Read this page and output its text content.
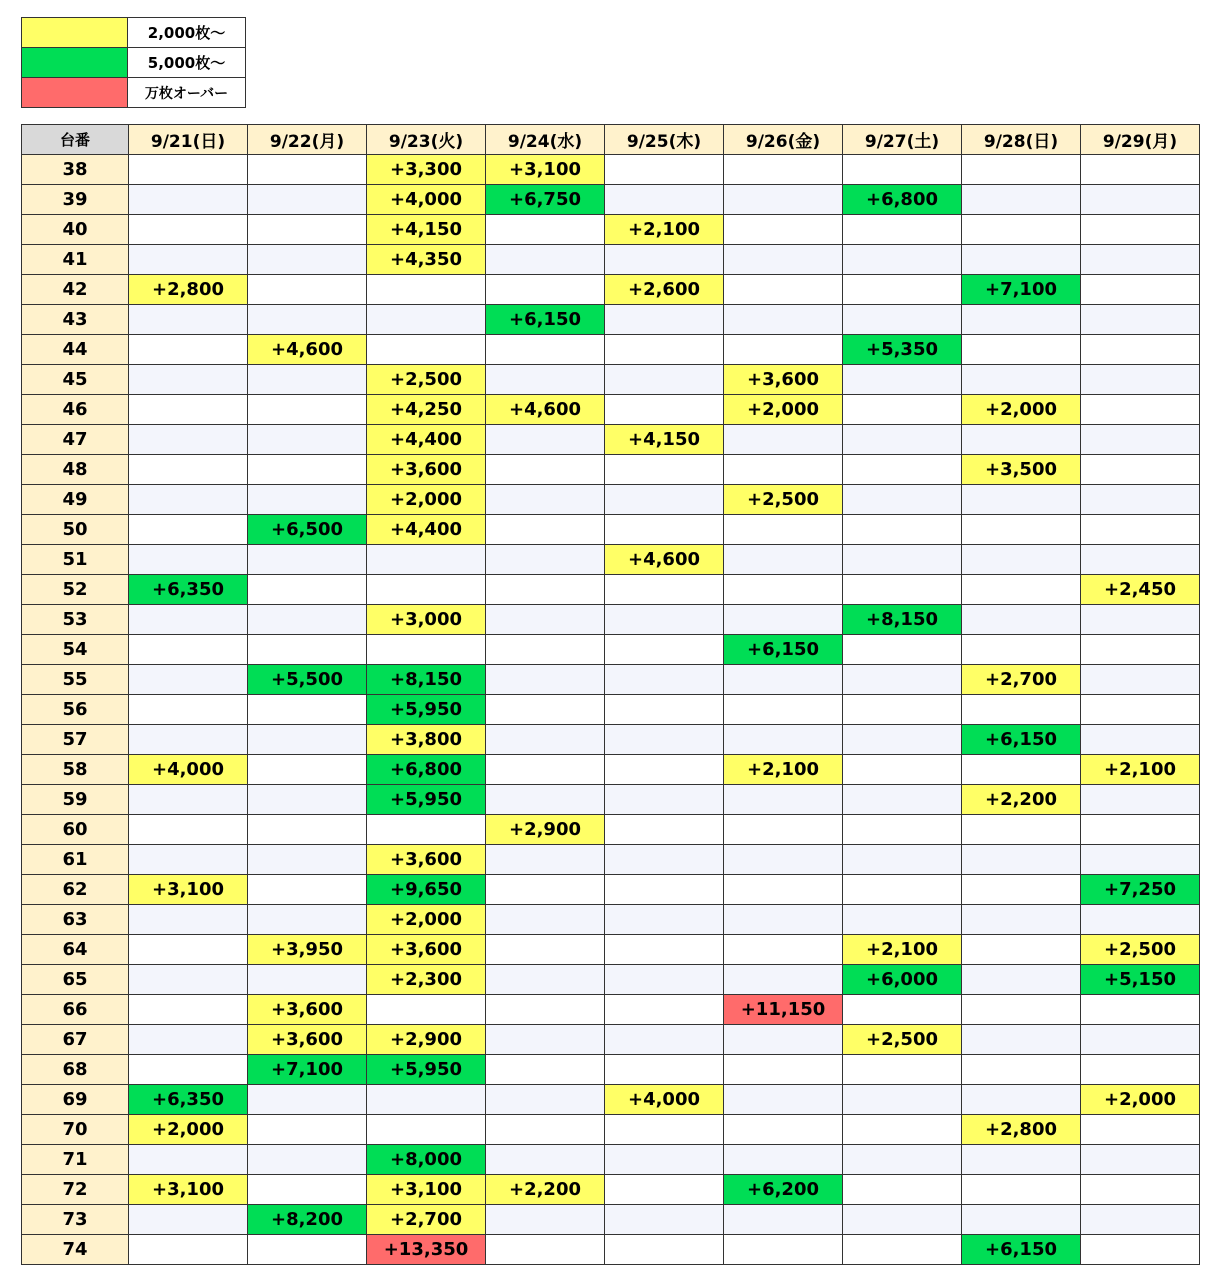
	2,000枚〜
	5,000枚〜
	万枚オーバー
台番	9/21(日)	9/22(月)	9/23(火)	9/24(水)	9/25(木)	9/26(金)	9/27(土)	9/28(日)	9/29(月)
38			+3,300	+3,100					
39			+4,000	+6,750			+6,800		
40			+4,150		+2,100				
41			+4,350						
42	+2,800				+2,600			+7,100	
43				+6,150					
44		+4,600					+5,350		
45			+2,500			+3,600			
46			+4,250	+4,600		+2,000		+2,000	
47			+4,400		+4,150				
48			+3,600					+3,500	
49			+2,000			+2,500			
50		+6,500	+4,400						
51					+4,600				
52	+6,350								+2,450
53			+3,000				+8,150		
54						+6,150			
55		+5,500	+8,150					+2,700	
56			+5,950						
57			+3,800					+6,150	
58	+4,000		+6,800			+2,100			+2,100
59			+5,950					+2,200	
60				+2,900					
61			+3,600						
62	+3,100		+9,650						+7,250
63			+2,000						
64		+3,950	+3,600				+2,100		+2,500
65			+2,300				+6,000		+5,150
66		+3,600				+11,150			
67		+3,600	+2,900				+2,500		
68		+7,100	+5,950						
69	+6,350				+4,000				+2,000
70	+2,000							+2,800	
71			+8,000						
72	+3,100		+3,100	+2,200		+6,200			
73		+8,200	+2,700						
74			+13,350					+6,150	
